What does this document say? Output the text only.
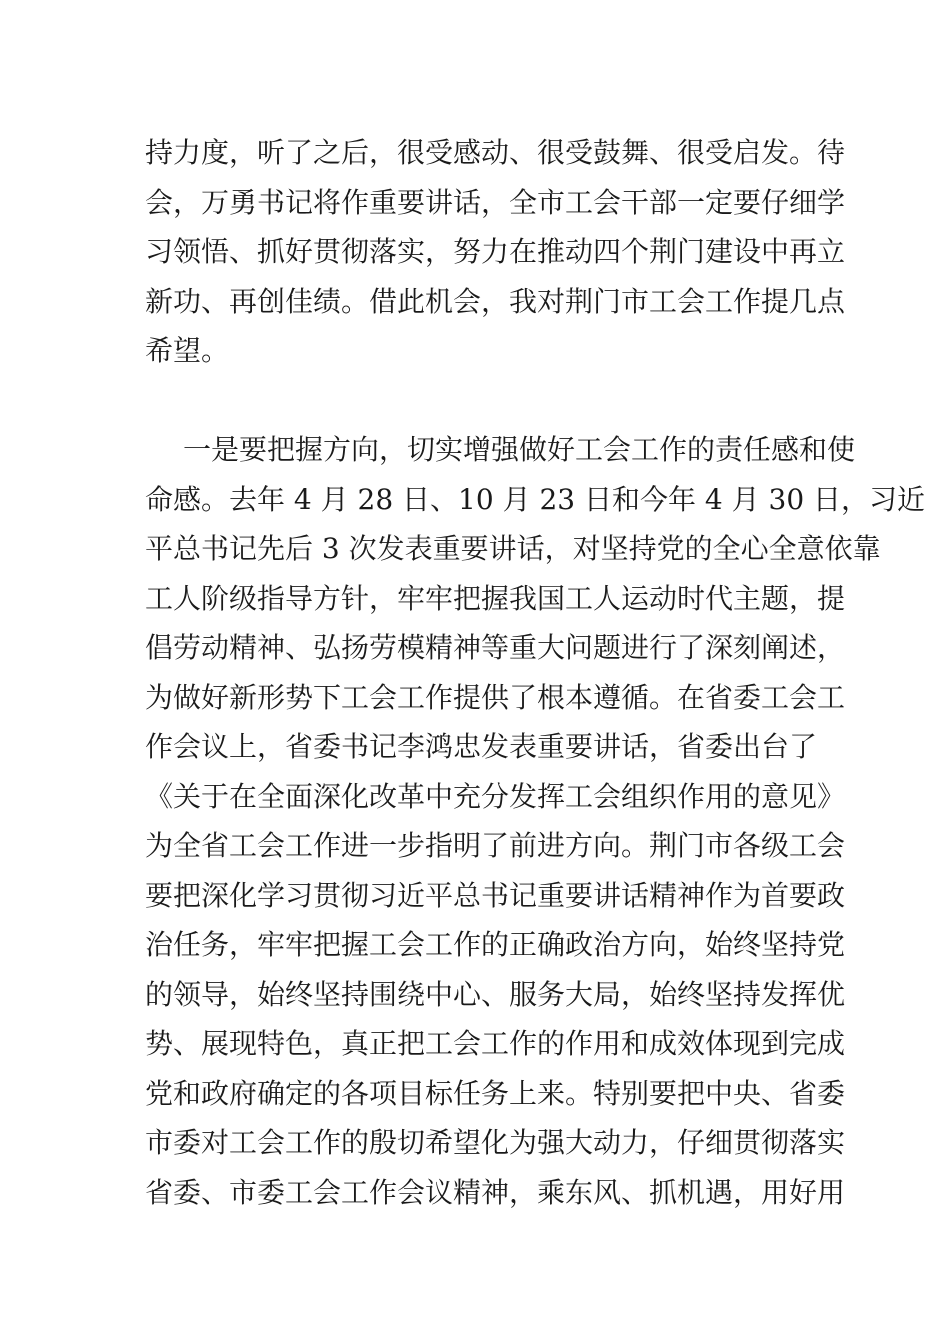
持力度，听了之后，很受感动、很受鼓舞、很受启发。待
会，万勇书记将作重要讲话，全市工会干部一定要仔细学
习领悟、抓好贯彻落实，努力在推动四个荆门建设中再立
新功、再创佳绩。借此机会，我对荆门市工会工作提几点
希望。
一是要把握方向，切实增强做好工会工作的责任感和使
命感。去年 4 月 28 日、10 月 23 日和今年 4 月 30 日，习近
平总书记先后 3 次发表重要讲话，对坚持党的全心全意依靠
工人阶级指导方针，牢牢把握我国工人运动时代主题，提
倡劳动精神、弘扬劳模精神等重大问题进行了深刻阐述，
为做好新形势下工会工作提供了根本遵循。在省委工会工
作会议上，省委书记李鸿忠发表重要讲话，省委出台了
《关于在全面深化改革中充分发挥工会组织作用的意见》
为全省工会工作进一步指明了前进方向。荆门市各级工会
要把深化学习贯彻习近平总书记重要讲话精神作为首要政
治任务，牢牢把握工会工作的正确政治方向，始终坚持党
的领导，始终坚持围绕中心、服务大局，始终坚持发挥优
势、展现特色，真正把工会工作的作用和成效体现到完成
党和政府确定的各项目标任务上来。特别要把中央、省委
市委对工会工作的殷切希望化为强大动力，仔细贯彻落实
省委、市委工会工作会议精神，乘东风、抓机遇，用好用
